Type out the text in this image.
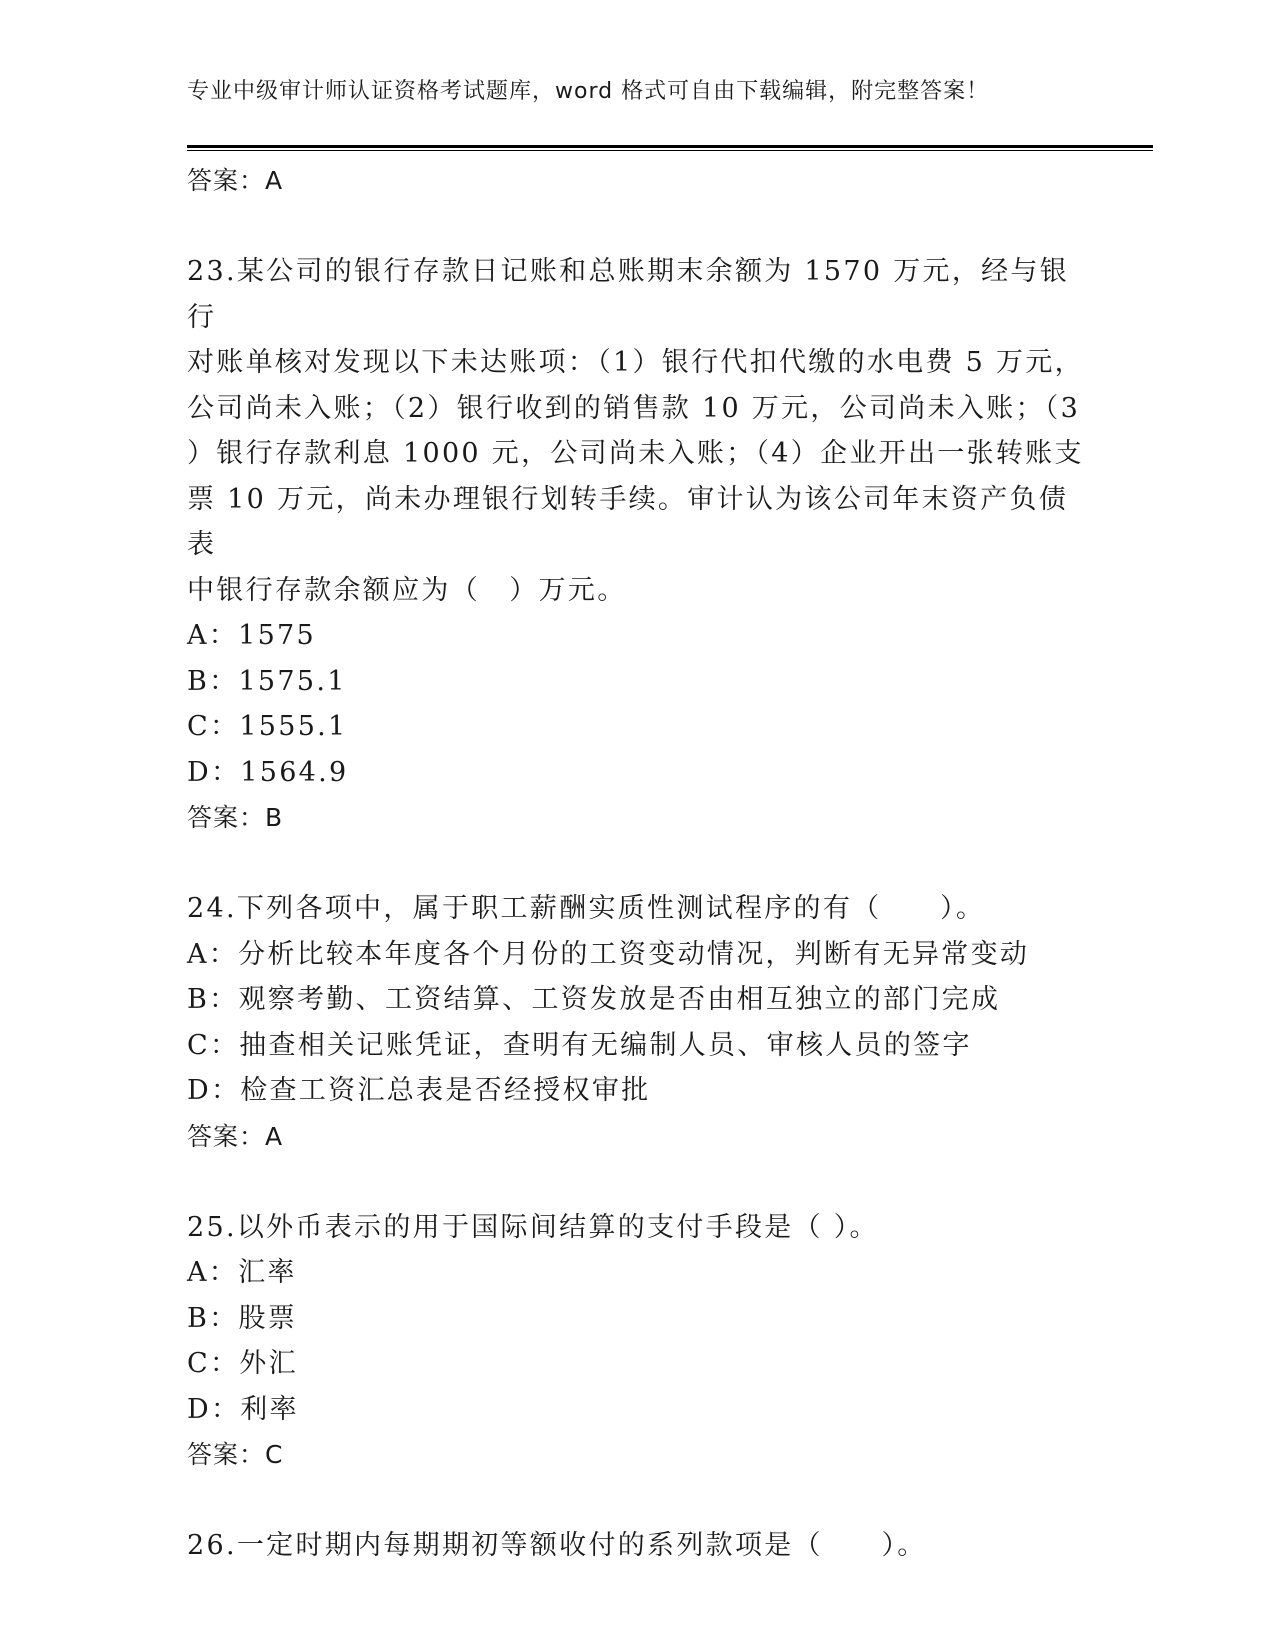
专业中级审计师认证资格考试题库，word 格式可自由下载编辑，附完整答案！
答案：A
23.某公司的银行存款日记账和总账期末余额为 1570 万元，经与银行
对账单核对发现以下未达账项：（1）银行代扣代缴的水电费 5 万元，
公司尚未入账；（2）银行收到的销售款 10 万元，公司尚未入账；（3
）银行存款利息 1000 元，公司尚未入账；（4）企业开出一张转账支
票 10 万元，尚未办理银行划转手续。审计认为该公司年末资产负债表
中银行存款余额应为（　）万元。
A：1575
B：1575.1
C：1555.1
D：1564.9
答案：B
24.下列各项中，属于职工薪酬实质性测试程序的有（　　）。
A：分析比较本年度各个月份的工资变动情况，判断有无异常变动
B：观察考勤、工资结算、工资发放是否由相互独立的部门完成
C：抽查相关记账凭证，查明有无编制人员、审核人员的签字
D：检查工资汇总表是否经授权审批
答案：A
25.以外币表示的用于国际间结算的支付手段是（ ）。
A：汇率
B：股票
C：外汇
D：利率
答案：C
26.一定时期内每期期初等额收付的系列款项是（　　）。
